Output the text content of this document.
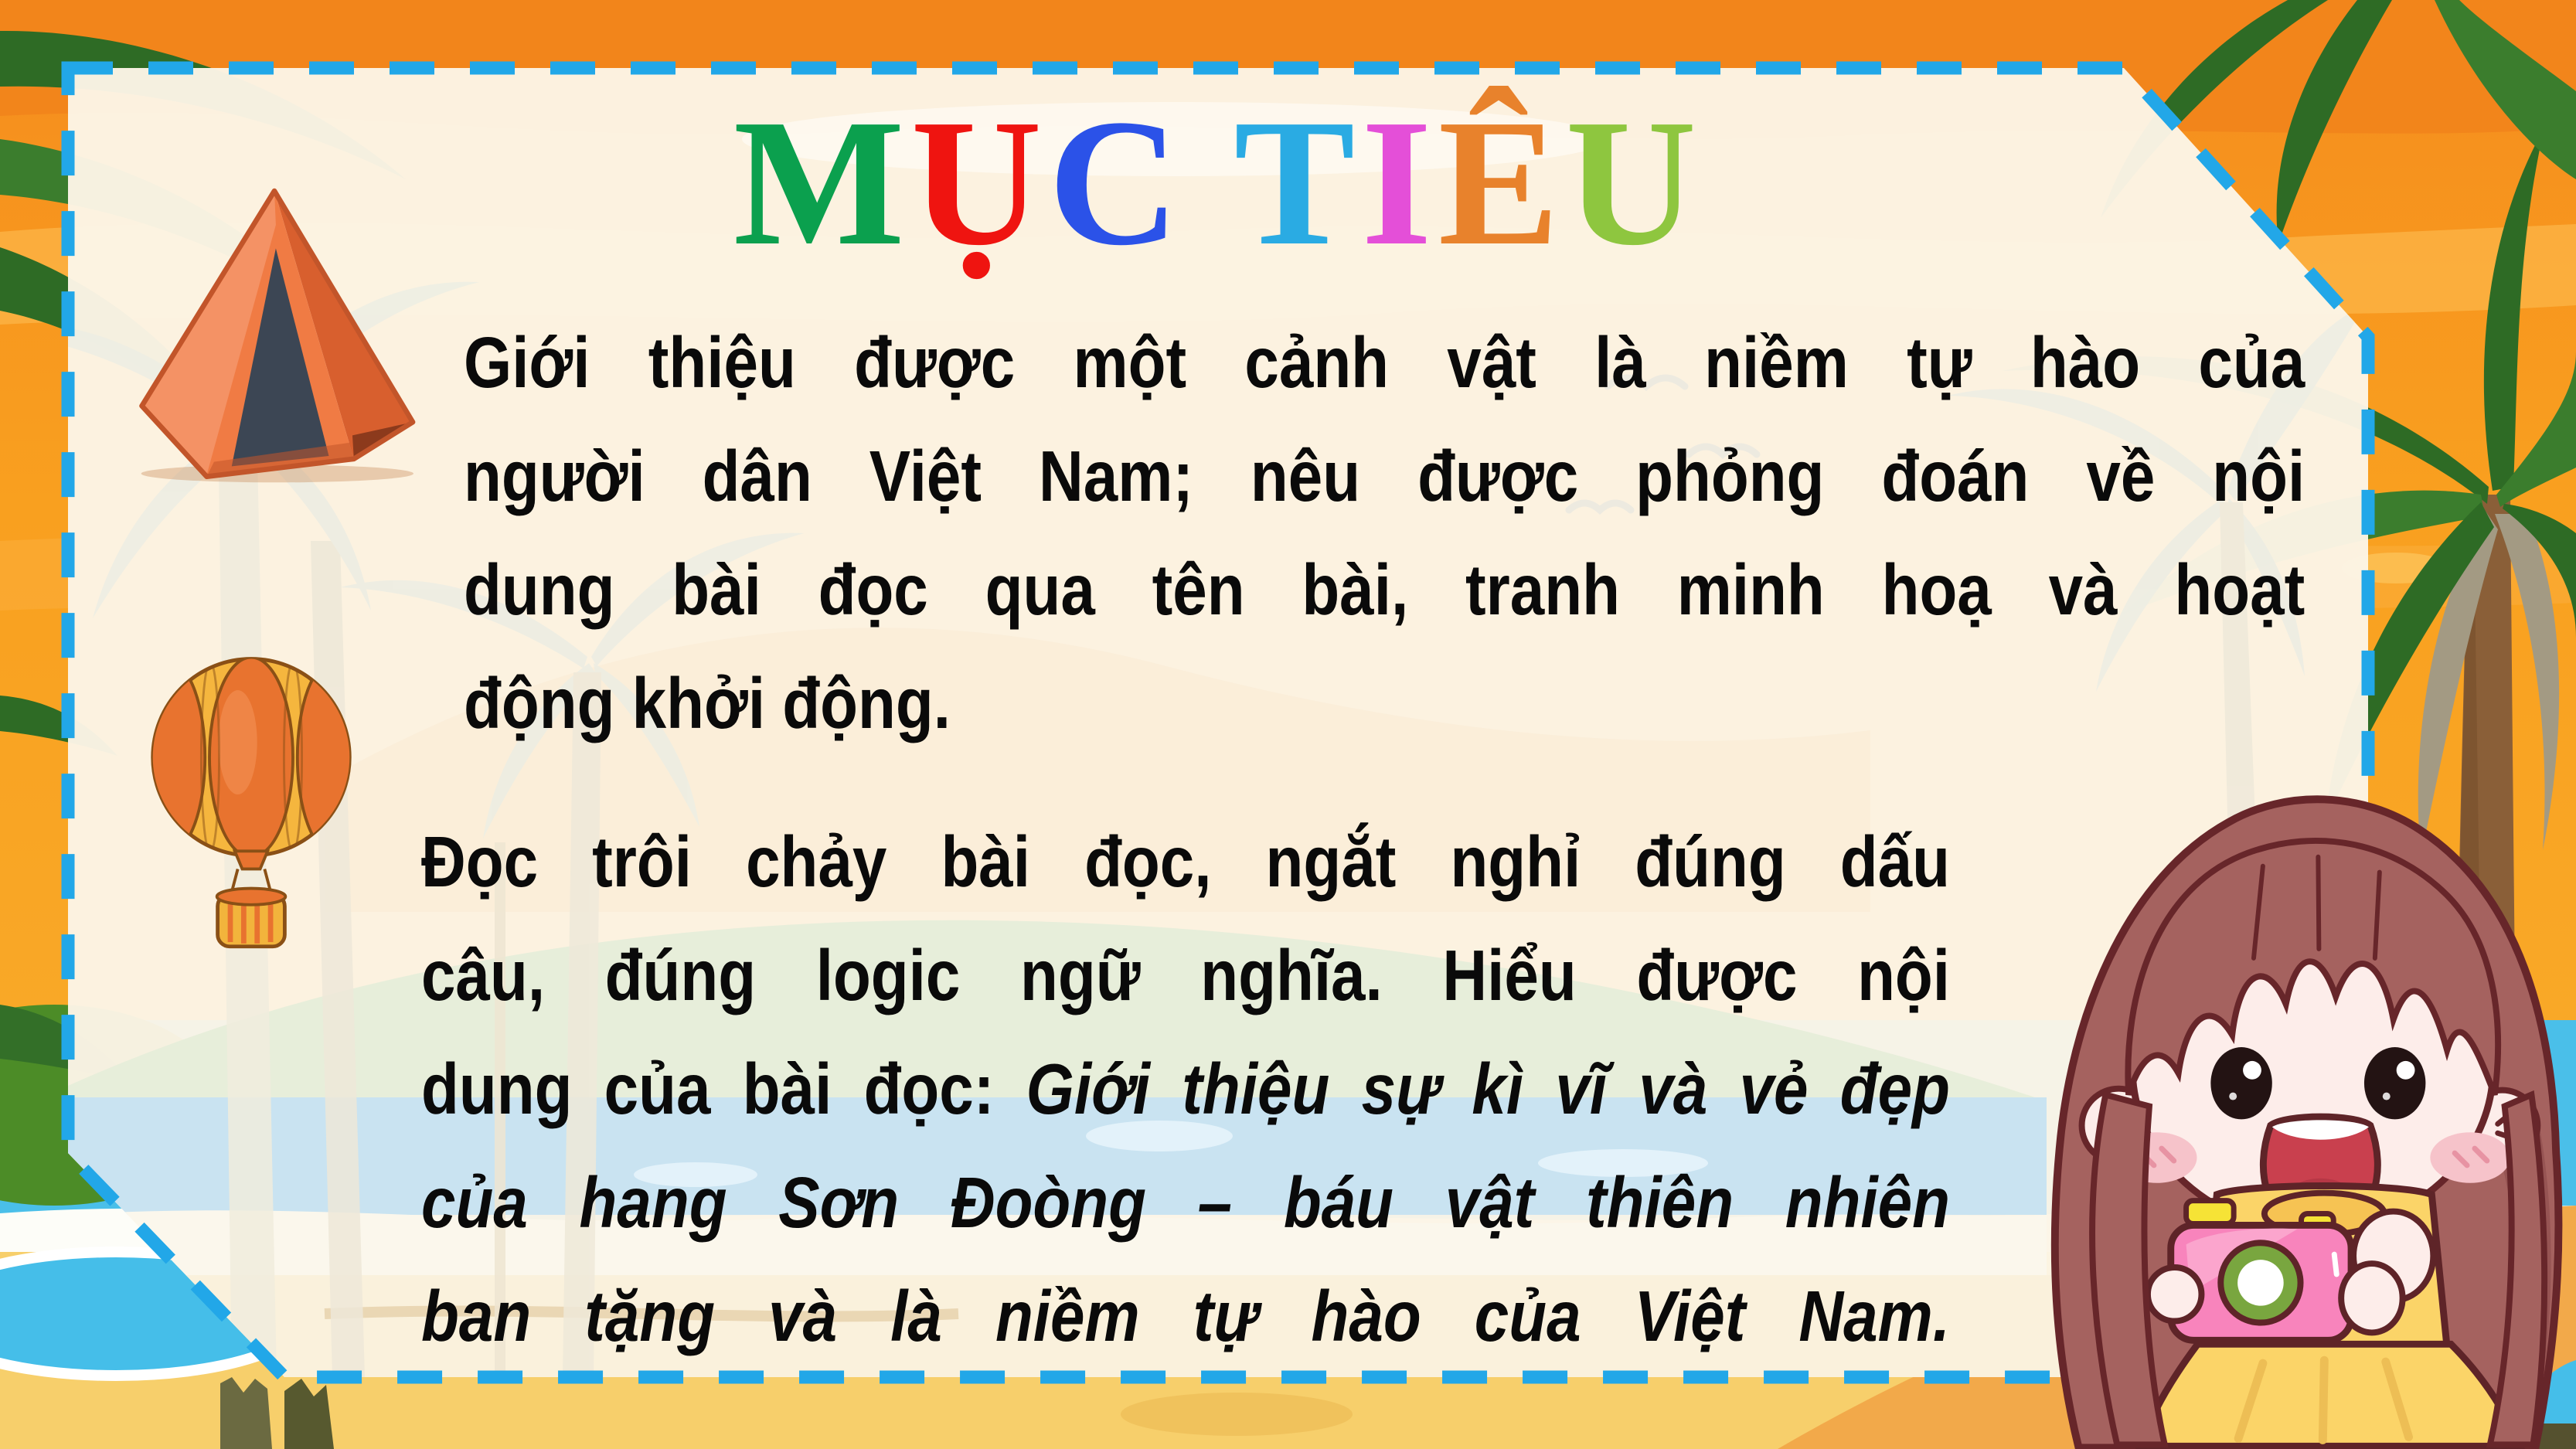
MỤC TIÊU
Giới thiệu được một cảnh vật là niềm tự hào của
người dân Việt Nam; nêu được phỏng đoán về nội
dung bài đọc qua tên bài, tranh minh hoạ và hoạt
động khởi động.
Đọc trôi chảy bài đọc, ngắt nghỉ đúng dấu
câu, đúng logic ngữ nghĩa. Hiểu được nội
dung của bài đọc: Giới thiệu sự kì vĩ và vẻ đẹp
của hang Sơn Đoòng – báu vật thiên nhiên
ban tặng và là niềm tự hào của Việt Nam.
